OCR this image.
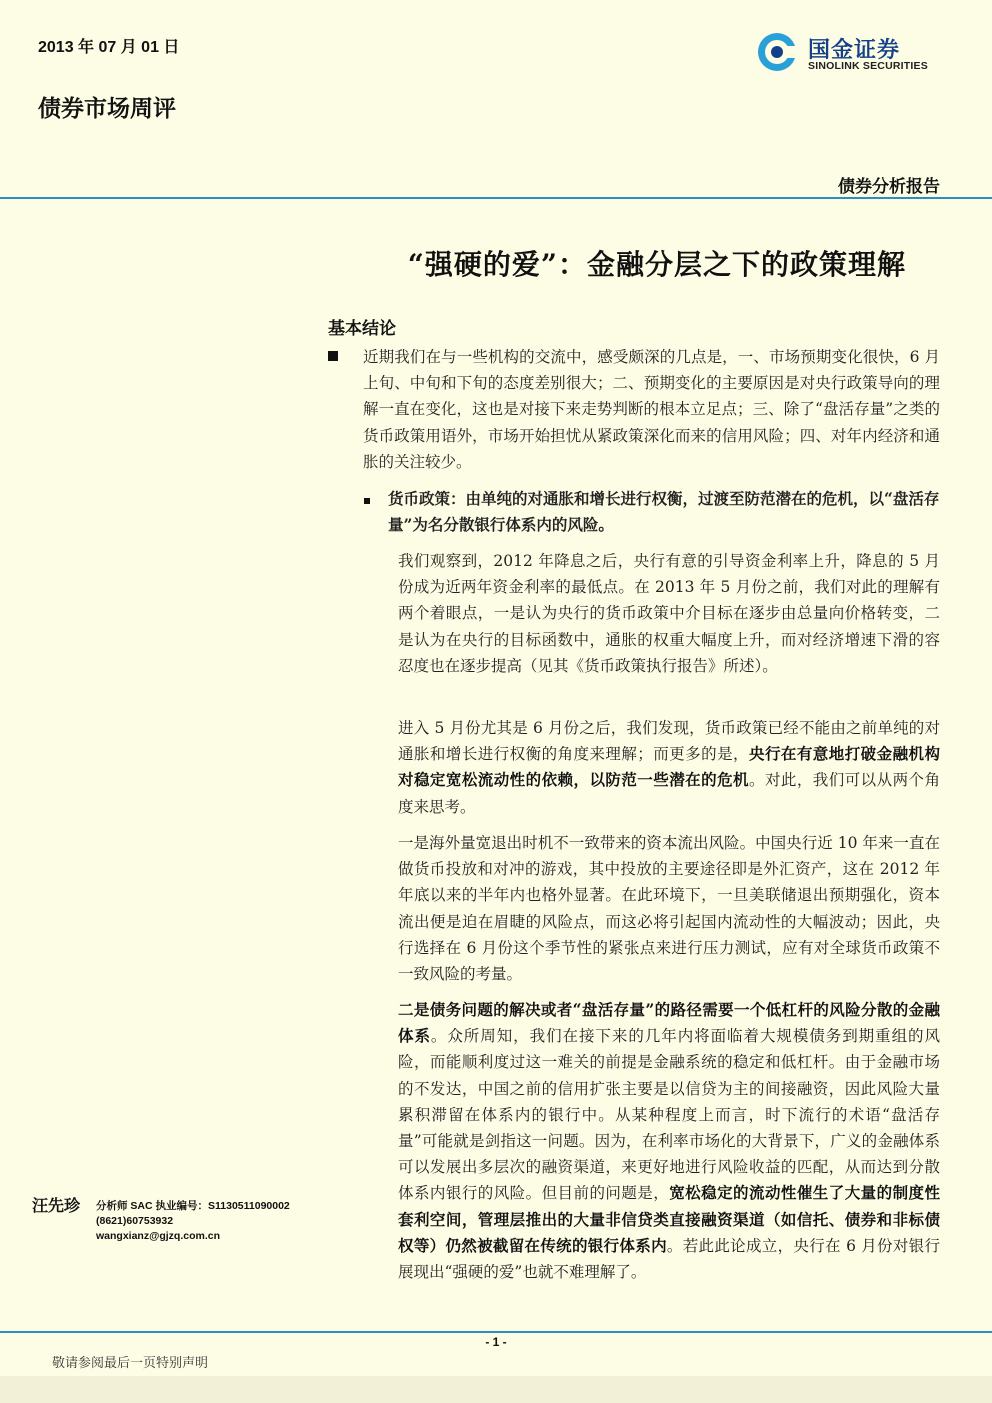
2013 年 07 月 01 日	国金证券
SINOLINK SECURITIES
债券市场周评
债券分析报告
“强硬的爱”：金融分层之下的政策理解
基本结论
近期我们在与一些机构的交流中，感受颇深的几点是，一、市场预期变化很快，6 月上旬、中旬和下旬的态度差别很大；二、预期变化的主要原因是对央行政策导向的理解一直在变化，这也是对接下来走势判断的根本立足点；三、除了“盘活存量”之类的货币政策用语外，市场开始担忧从紧政策深化而来的信用风险；四、对年内经济和通胀的关注较少。
货币政策：由单纯的对通胀和增长进行权衡，过渡至防范潜在的危机，以“盘活存量”为名分散银行体系内的风险。
我们观察到，2012 年降息之后，央行有意的引导资金利率上升，降息的 5 月份成为近两年资金利率的最低点。在 2013 年 5 月份之前，我们对此的理解有两个着眼点，一是认为央行的货币政策中介目标在逐步由总量向价格转变，二是认为在央行的目标函数中，通胀的权重大幅度上升，而对经济增速下滑的容忍度也在逐步提高（见其《货币政策执行报告》所述）。
进入 5 月份尤其是 6 月份之后，我们发现，货币政策已经不能由之前单纯的对通胀和增长进行权衡的角度来理解；而更多的是，央行在有意地打破金融机构对稳定宽松流动性的依赖，以防范一些潜在的危机。对此，我们可以从两个角度来思考。
一是海外量宽退出时机不一致带来的资本流出风险。中国央行近 10 年来一直在做货币投放和对冲的游戏，其中投放的主要途径即是外汇资产，这在 2012 年年底以来的半年内也格外显著。在此环境下，一旦美联储退出预期强化，资本流出便是迫在眉睫的风险点，而这必将引起国内流动性的大幅波动；因此，央行选择在 6 月份这个季节性的紧张点来进行压力测试，应有对全球货币政策不一致风险的考量。
二是债务问题的解决或者“盘活存量”的路径需要一个低杠杆的风险分散的金融体系。众所周知，我们在接下来的几年内将面临着大规模债务到期重组的风险，而能顺利度过这一难关的前提是金融系统的稳定和低杠杆。由于金融市场的不发达，中国之前的信用扩张主要是以信贷为主的间接融资，因此风险大量累积滞留在体系内的银行中。从某种程度上而言，时下流行的术语“盘活存量”可能就是剑指这一问题。因为，在利率市场化的大背景下，广义的金融体系可以发展出多层次的融资渠道，来更好地进行风险收益的匹配，从而达到分散体系内银行的风险。但目前的问题是，宽松稳定的流动性催生了大量的制度性套利空间，管理层推出的大量非信贷类直接融资渠道（如信托、债券和非标债权等）仍然被截留在传统的银行体系内。若此此论成立，央行在 6 月份对银行展现出“强硬的爱”也就不难理解了。
汪先珍 分析师 SAC 执业编号：S1130511090002
(8621)60753932
wangxianz@gjzq.com.cn
- 1 -
敬请参阅最后一页特别声明
